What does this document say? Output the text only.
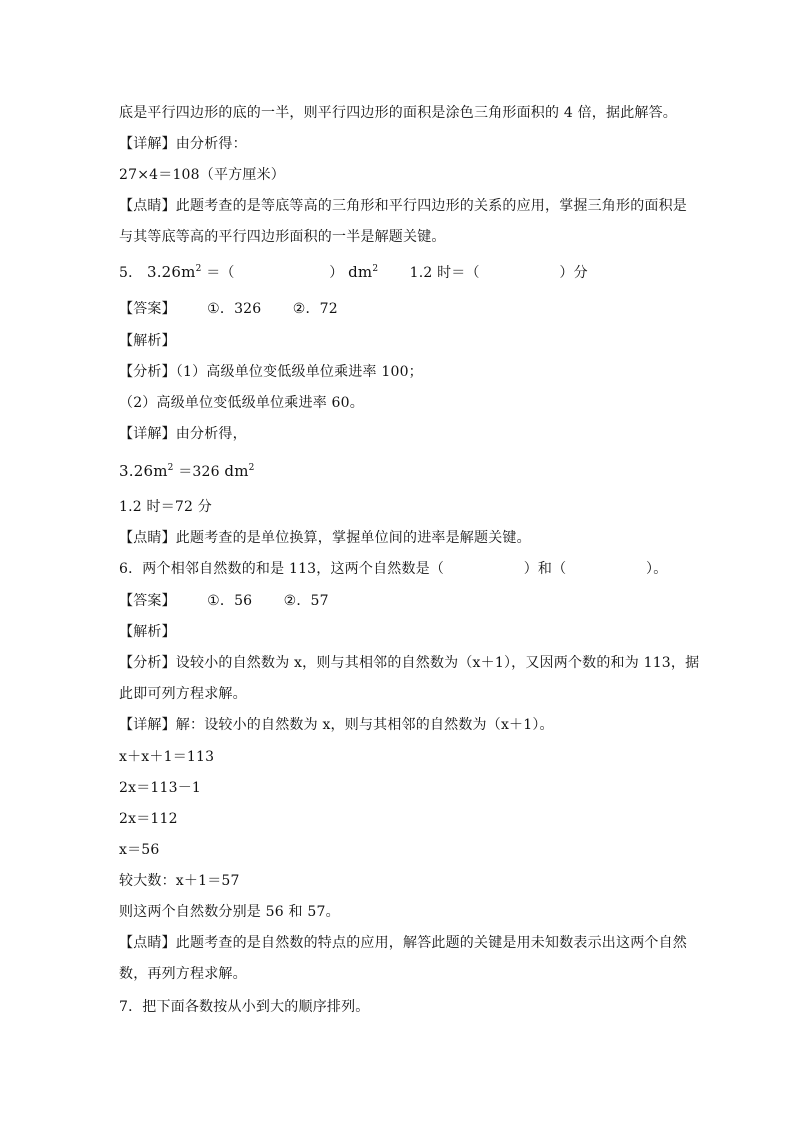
底是平行四边形的底的一半，则平行四边形的面积是涂色三角形面积的 4 倍，据此解答。
【详解】由分析得：
27×4＝108（平方厘米）
【点睛】此题考查的是等底等高的三角形和平行四边形的关系的应用，掌握三角形的面积是
与其等底等高的平行四边形面积的一半是解题关键。
5． $3.26m^2$ ＝（	） $dm^2$ 1.2 时＝（	）分
【答案】 ①．326 ②．72
【解析】
【分析】（1）高级单位变低级单位乘进率 100；
（2）高级单位变低级单位乘进率 60。
【详解】由分析得，
$3.26m^2 =326$ $dm^2$
1.2 时＝72 分
【点睛】此题考查的是单位换算，掌握单位间的进率是解题关键。
6．两个相邻自然数的和是 113，这两个自然数是（	）和（	）。
【答案】 ①．56 ②．57
【解析】
【分析】设较小的自然数为 x，则与其相邻的自然数为（x＋1），又因两个数的和为 113，据
此即可列方程求解。
【详解】解：设较小的自然数为 x，则与其相邻的自然数为（x＋1）。
x＋x＋1＝113
2x＝113－1
2x＝112
x＝56
较大数：x＋1＝57
则这两个自然数分别是 56 和 57。
【点睛】此题考查的是自然数的特点的应用，解答此题的关键是用未知数表示出这两个自然
数，再列方程求解。
7．把下面各数按从小到大的顺序排列。
